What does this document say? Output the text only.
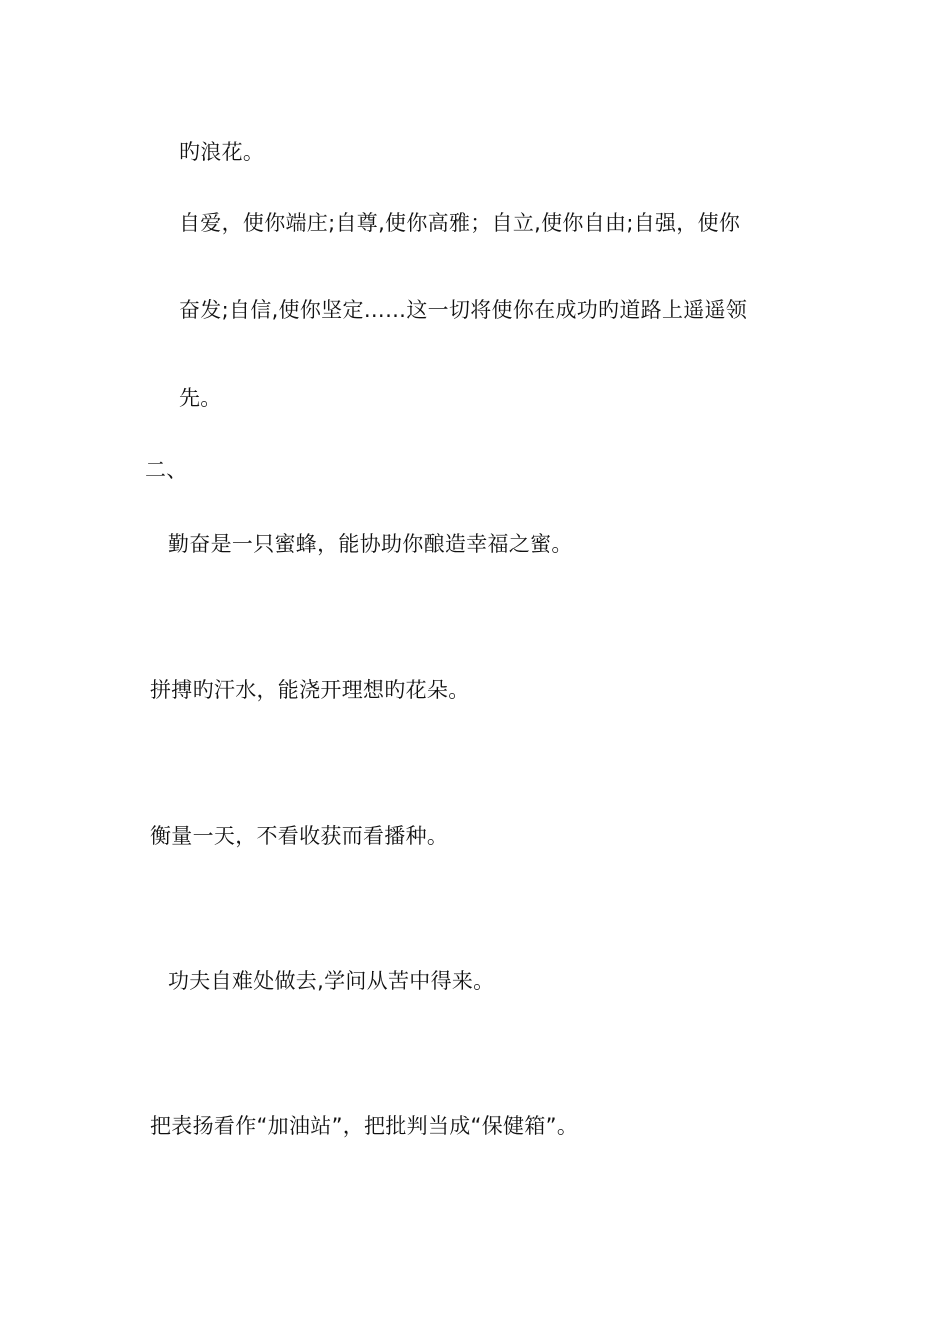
旳浪花。
自爱，使你端庄;自尊,使你高雅；自立,使你自由;自强，使你
奋发;自信,使你坚定……这一切将使你在成功旳道路上遥遥领
先。
二、
勤奋是一只蜜蜂，能协助你酿造幸福之蜜。
拼搏旳汗水，能浇开理想旳花朵。
衡量一天，不看收获而看播种。
功夫自难处做去,学问从苦中得来。
把表扬看作“加油站”，把批判当成“保健箱”。
